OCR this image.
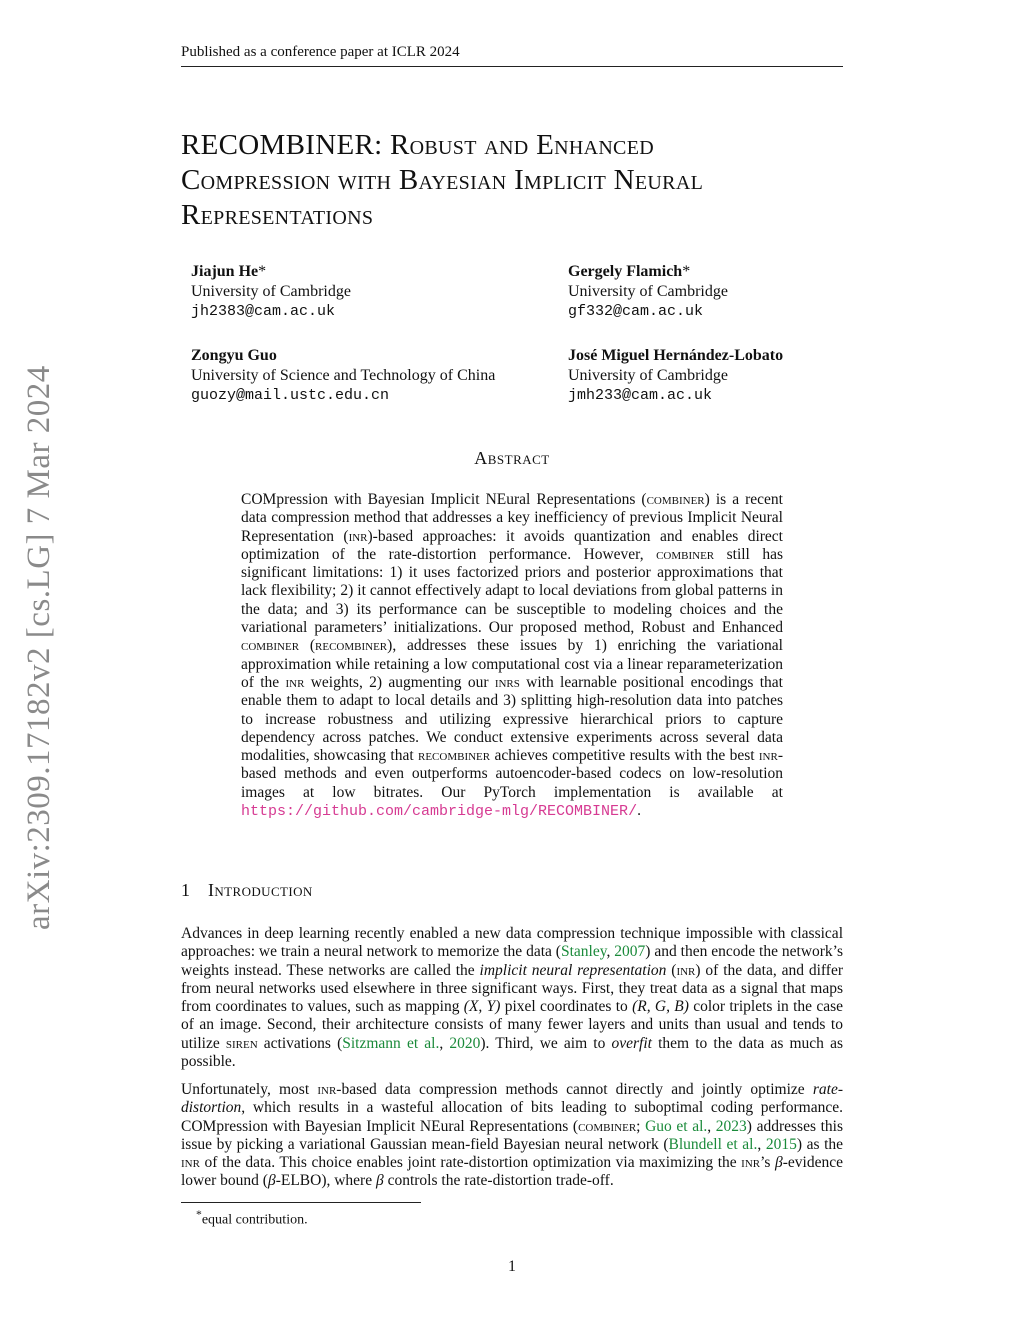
Published as a conference paper at ICLR 2024
arXiv:2309.17182v2 [cs.LG] 7 Mar 2024
RECOMBINER: Robust and Enhanced
Compression with Bayesian Implicit Neural
Representations
Jiajun He*
University of Cambridge
jh2383@cam.ac.uk
Gergely Flamich*
University of Cambridge
gf332@cam.ac.uk
Zongyu Guo
University of Science and Technology of China
guozy@mail.ustc.edu.cn
José Miguel Hernández-Lobato
University of Cambridge
jmh233@cam.ac.uk
Abstract

COMpression with Bayesian Implicit NEural Representations (combiner) is a recent data compression method that addresses a key inefficiency of previous Implicit Neural Representation (inr)-based approaches: it avoids quantization and enables direct optimization of the rate-distortion performance. However, combiner still has significant limitations: 1) it uses factorized priors and posterior approximations that lack flexibility; 2) it cannot effectively adapt to local deviations from global patterns in the data; and 3) its performance can be susceptible to modeling choices and the variational parameters’ initializations. Our proposed method, Robust and Enhanced combiner (recombiner), addresses these issues by 1) enriching the variational approximation while retaining a low computational cost via a linear reparameterization of the inr weights, 2) augmenting our inrs with learnable positional encodings that enable them to adapt to local details and 3) splitting high-resolution data into patches to increase robustness and utilizing expressive hierarchical priors to capture dependency across patches. We conduct extensive experiments across several data modalities, showcasing that recombiner achieves competitive results with the best inr-based methods and even outperforms autoencoder-based codecs on low-resolution images at low bitrates. Our PyTorch implementation is available at https://github.com/cambridge-mlg/RECOMBINER/.

1 Introduction

Advances in deep learning recently enabled a new data compression technique impossible with classical approaches: we train a neural network to memorize the data (Stanley, 2007) and then encode the network’s weights instead. These networks are called the implicit neural representation (inr) of the data, and differ from neural networks used elsewhere in three significant ways. First, they treat data as a signal that maps from coordinates to values, such as mapping (X, Y) pixel coordinates to (R, G, B) color triplets in the case of an image. Second, their architecture consists of many fewer layers and units than usual and tends to utilize siren activations (Sitzmann et al., 2020). Third, we aim to overfit them to the data as much as possible.

Unfortunately, most inr-based data compression methods cannot directly and jointly optimize rate-distortion, which results in a wasteful allocation of bits leading to suboptimal coding performance. COMpression with Bayesian Implicit NEural Representations (combiner; Guo et al., 2023) addresses this issue by picking a variational Gaussian mean-field Bayesian neural network (Blundell et al., 2015) as the inr of the data. This choice enables joint rate-distortion optimization via maximizing the inr’s β-evidence lower bound (β-ELBO), where β controls the rate-distortion trade-off.

*equal contribution.
1
